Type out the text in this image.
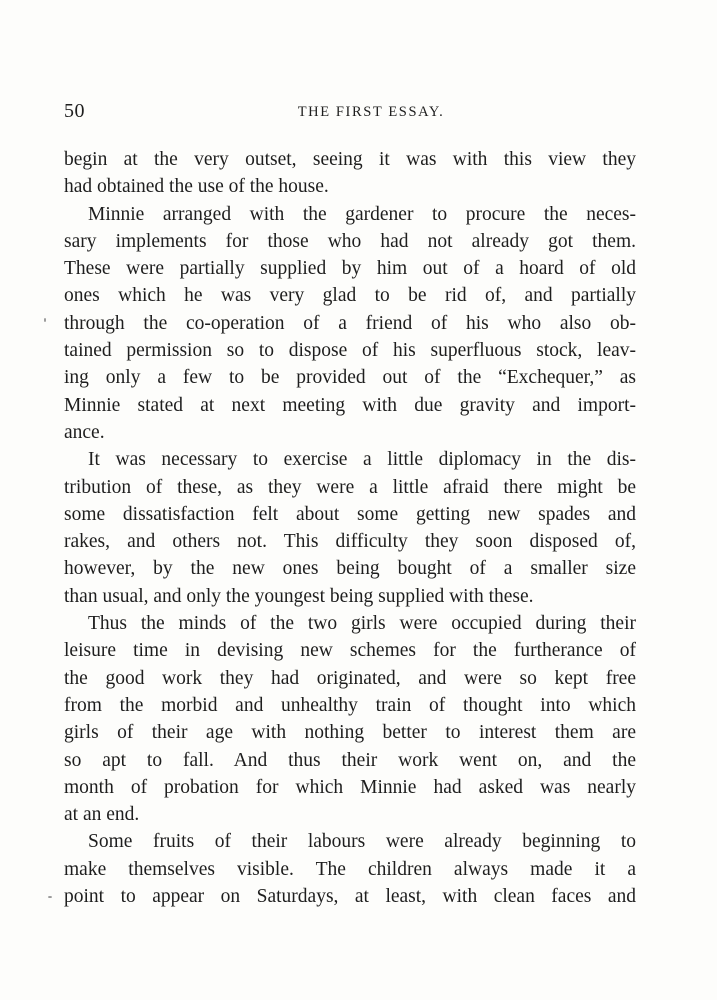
50	THE FIRST ESSAY.
begin at the very outset, seeing it was with this view they
had obtained the use of the house.
Minnie arranged with the gardener to procure the neces-
sary implements for those who had not already got them.
These were partially supplied by him out of a hoard of old
ones which he was very glad to be rid of, and partially
through the co-operation of a friend of his who also ob-
tained permission so to dispose of his superfluous stock, leav-
ing only a few to be provided out of the “Exchequer,” as
Minnie stated at next meeting with due gravity and import-
ance.
It was necessary to exercise a little diplomacy in the dis-
tribution of these, as they were a little afraid there might be
some dissatisfaction felt about some getting new spades and
rakes, and others not. This difficulty they soon disposed of,
however, by the new ones being bought of a smaller size
than usual, and only the youngest being supplied with these.
Thus the minds of the two girls were occupied during their
leisure time in devising new schemes for the furtherance of
the good work they had originated, and were so kept free
from the morbid and unhealthy train of thought into which
girls of their age with nothing better to interest them are
so apt to fall. And thus their work went on, and the
month of probation for which Minnie had asked was nearly
at an end.
Some fruits of their labours were already beginning to
make themselves visible. The children always made it a
point to appear on Saturdays, at least, with clean faces and
